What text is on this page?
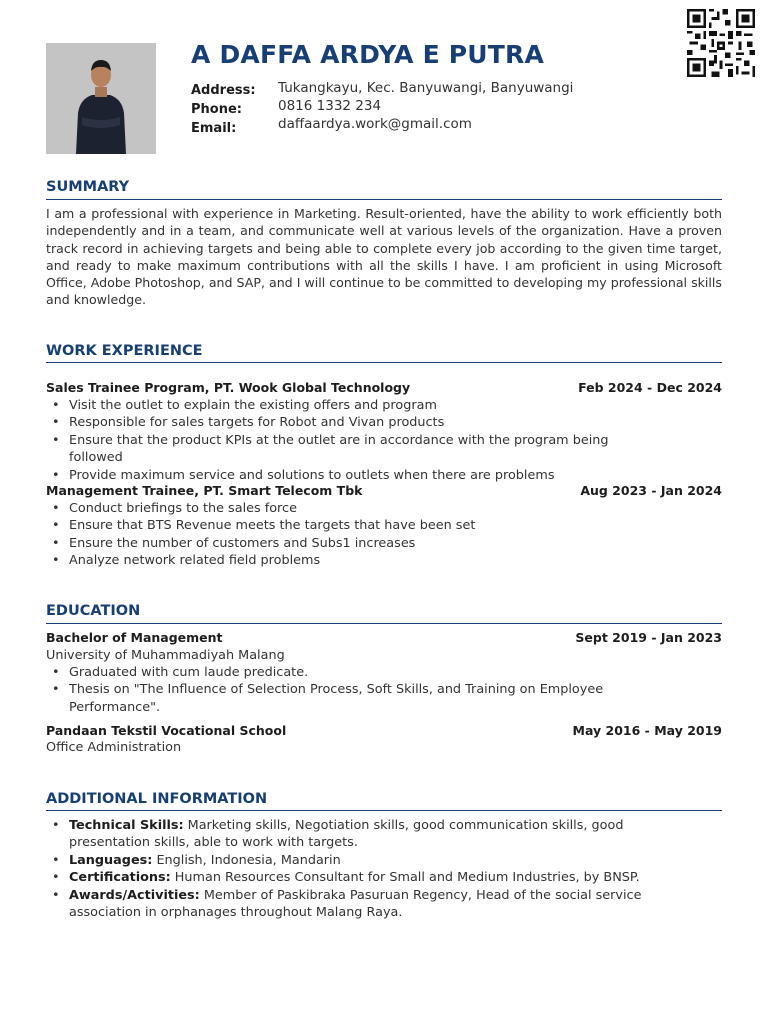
A DAFFA ARDYA E PUTRA
Address:	Tukangkayu, Kec. Banyuwangi, Banyuwangi
Phone:	0816 1332 234
Email:	daffaardya.work@gmail.com
SUMMARY

I am a professional with experience in Marketing. Result-oriented, have the ability to work efficiently both independently and in a team, and communicate well at various levels of the organization. Have a proven track record in achieving targets and being able to complete every job according to the given time target, and ready to make maximum contributions with all the skills I have. I am proficient in using Microsoft Office, Adobe Photoshop, and SAP, and I will continue to be committed to developing my professional skills and knowledge.

WORK EXPERIENCE
Sales Trainee Program, PT. Wook Global Technology	Feb 2024 - Dec 2024
• Visit the outlet to explain the existing offers and program
• Responsible for sales targets for Robot and Vivan products
• Ensure that the product KPIs at the outlet are in accordance with the program being followed
• Provide maximum service and solutions to outlets when there are problems
Management Trainee, PT. Smart Telecom Tbk	Aug 2023 - Jan 2024
• Conduct briefings to the sales force
• Ensure that BTS Revenue meets the targets that have been set
• Ensure the number of customers and Subs1 increases
• Analyze network related field problems
EDUCATION
Bachelor of Management	Sept 2019 - Jan 2023
University of Muhammadiyah Malang
• Graduated with cum laude predicate.
• Thesis on "The Influence of Selection Process, Soft Skills, and Training on Employee Performance".
Pandaan Tekstil Vocational School	May 2016 - May 2019
Office Administration
ADDITIONAL INFORMATION
• Technical Skills: Marketing skills, Negotiation skills, good communication skills, good presentation skills, able to work with targets.
• Languages: English, Indonesia, Mandarin
• Certifications: Human Resources Consultant for Small and Medium Industries, by BNSP.
• Awards/Activities: Member of Paskibraka Pasuruan Regency, Head of the social service association in orphanages throughout Malang Raya.
